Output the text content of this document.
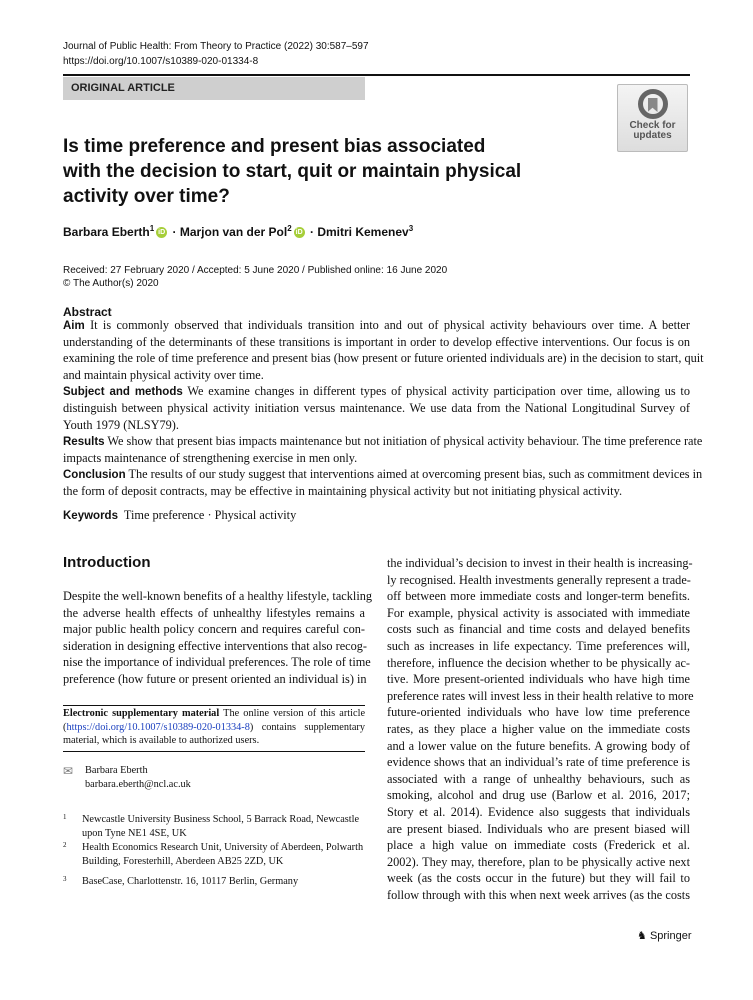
Journal of Public Health: From Theory to Practice (2022) 30:587–597
https://doi.org/10.1007/s10389-020-01334-8
ORIGINAL ARTICLE
Check for
updates
Is time preference and present bias associated
with the decision to start, quit or maintain physical
activity over time?
Barbara Eberth$^1$ iD · Marjon van der Pol$^2$ iD · Dmitri Kemenev$^3$
Received: 27 February 2020 / Accepted: 5 June 2020 / Published online: 16 June 2020
© The Author(s) 2020
Abstract
Aim It is commonly observed that individuals transition into and out of physical activity behaviours over time. A better
understanding of the determinants of these transitions is important in order to develop effective interventions. Our focus is on
examining the role of time preference and present bias (how present or future oriented individuals are) in the decision to start, quit
and maintain physical activity over time.
Subject and methods We examine changes in different types of physical activity participation over time, allowing us to
distinguish between physical activity initiation versus maintenance. We use data from the National Longitudinal Survey of
Youth 1979 (NLSY79).
Results We show that present bias impacts maintenance but not initiation of physical activity behaviour. The time preference rate
impacts maintenance of strengthening exercise in men only.
Conclusion The results of our study suggest that interventions aimed at overcoming present bias, such as commitment devices in
the form of deposit contracts, may be effective in maintaining physical activity but not initiating physical activity.
Keywords Time preference · Physical activity
Introduction
Despite the well-known benefits of a healthy lifestyle, tackling
the adverse health effects of unhealthy lifestyles remains a
major public health policy concern and requires careful con-
sideration in designing effective interventions that also recog-
nise the importance of individual preferences. The role of time
preference (how future or present oriented an individual is) in
the individual’s decision to invest in their health is increasing-
ly recognised. Health investments generally represent a trade-
off between more immediate costs and longer-term benefits.
For example, physical activity is associated with immediate
costs such as financial and time costs and delayed benefits
such as increases in life expectancy. Time preferences will,
therefore, influence the decision whether to be physically ac-
tive. More present-oriented individuals who have high time
preference rates will invest less in their health relative to more
future-oriented individuals who have low time preference
rates, as they place a higher value on the immediate costs
and a lower value on the future benefits. A growing body of
evidence shows that an individual’s rate of time preference is
associated with a range of unhealthy behaviours, such as
smoking, alcohol and drug use (Barlow et al. 2016, 2017;
Story et al. 2014). Evidence also suggests that individuals
are present biased. Individuals who are present biased will
place a high value on immediate costs (Frederick et al.
2002). They may, therefore, plan to be physically active next
week (as the costs occur in the future) but they will fail to
follow through with this when next week arrives (as the costs
Electronic supplementary material The online version of this article
(https://doi.org/10.1007/s10389-020-01334-8) contains supplementary
material, which is available to authorized users.
✉ Barbara Eberth
barbara.eberth@ncl.ac.uk
1 Newcastle University Business School, 5 Barrack Road, Newcastle
upon Tyne NE1 4SE, UK
2 Health Economics Research Unit, University of Aberdeen, Polwarth
Building, Foresterhill, Aberdeen AB25 2ZD, UK
3 BaseCase, Charlottenstr. 16, 10117 Berlin, Germany
♞ Springer
